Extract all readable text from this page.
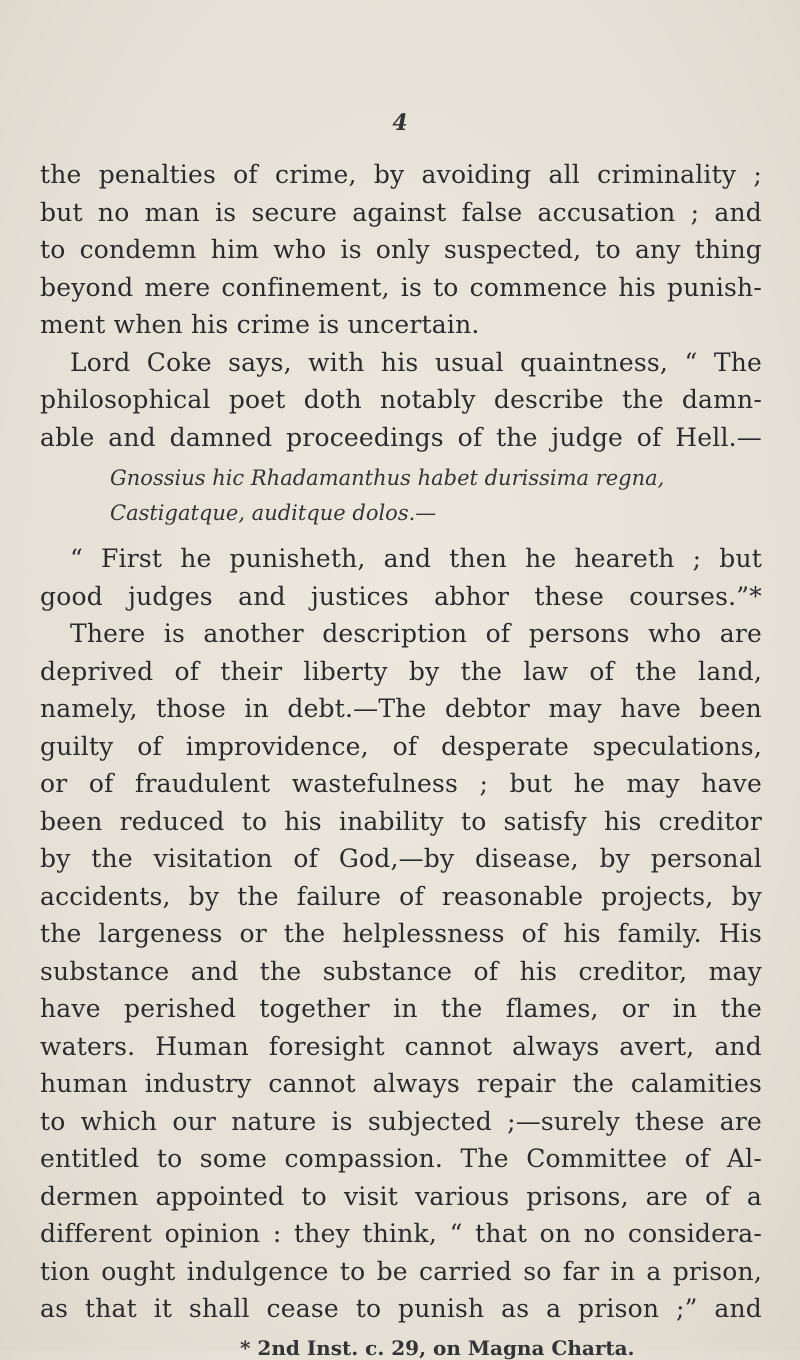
4
the penalties of crime, by avoiding all criminality ;
but no man is secure against false accusation ; and
to condemn him who is only suspected, to any thing
beyond mere confinement, is to commence his punish-
ment when his crime is uncertain.
Lord Coke says, with his usual quaintness, “ The
philosophical poet doth notably describe the damn-
able and damned proceedings of the judge of Hell.—
Gnossius hic Rhadamanthus habet durissima regna,
Castigatque, auditque dolos.—
“ First he punisheth, and then he heareth ; but
good judges and justices abhor these courses.”*
There is another description of persons who are
deprived of their liberty by the law of the land,
namely, those in debt.—The debtor may have been
guilty of improvidence, of desperate speculations,
or of fraudulent wastefulness ; but he may have
been reduced to his inability to satisfy his creditor
by the visitation of God,—by disease, by personal
accidents, by the failure of reasonable projects, by
the largeness or the helplessness of his family. His
substance and the substance of his creditor, may
have perished together in the flames, or in the
waters. Human foresight cannot always avert, and
human industry cannot always repair the calamities
to which our nature is subjected ;—surely these are
entitled to some compassion. The Committee of Al-
dermen appointed to visit various prisons, are of a
different opinion : they think, “ that on no considera-
tion ought indulgence to be carried so far in a prison,
as that it shall cease to punish as a prison ;” and
* 2nd Inst. c. 29, on Magna Charta.
